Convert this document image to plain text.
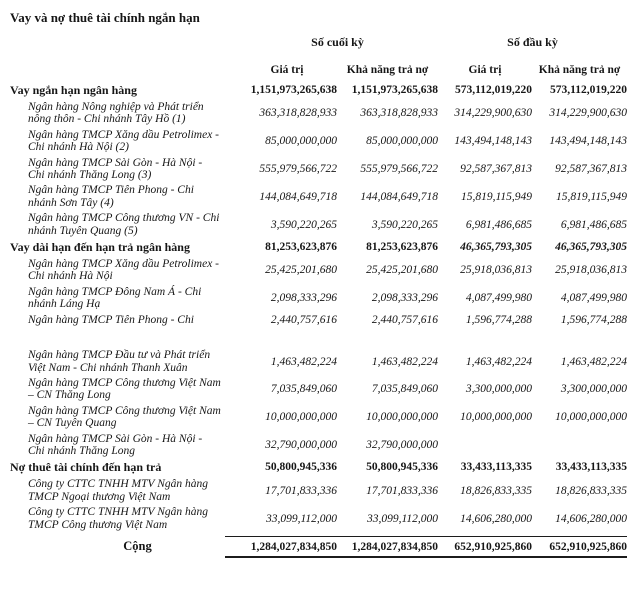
Vay và nợ thuê tài chính ngắn hạn
Số cuối kỳ	Số đầu kỳ
Giá trị	Khả năng trả nợ	Giá trị	Khả năng trả nợ
Vay ngắn hạn ngân hàng	1,151,973,265,638	1,151,973,265,638	573,112,019,220	573,112,019,220
Ngân hàng Nông nghiệp và Phát triển nông thôn - Chi nhánh Tây Hồ (1)	363,318,828,933	363,318,828,933	314,229,900,630	314,229,900,630
Ngân hàng TMCP Xăng dầu Petrolimex - Chi nhánh Hà Nội (2)	85,000,000,000	85,000,000,000	143,494,148,143	143,494,148,143
Ngân hàng TMCP Sài Gòn - Hà Nội - Chi nhánh Thăng Long (3)	555,979,566,722	555,979,566,722	92,587,367,813	92,587,367,813
Ngân hàng TMCP Tiên Phong - Chi nhánh Sơn Tây (4)	144,084,649,718	144,084,649,718	15,819,115,949	15,819,115,949
Ngân hàng TMCP Công thương VN - Chi nhánh Tuyên Quang (5)	3,590,220,265	3,590,220,265	6,981,486,685	6,981,486,685
Vay dài hạn đến hạn trả ngân hàng	81,253,623,876	81,253,623,876	46,365,793,305	46,365,793,305
Ngân hàng TMCP Xăng dầu Petrolimex - Chi nhánh Hà Nội	25,425,201,680	25,425,201,680	25,918,036,813	25,918,036,813
Ngân hàng TMCP Đông Nam Á - Chi nhánh Láng Hạ	2,098,333,296	2,098,333,296	4,087,499,980	4,087,499,980
Ngân hàng TMCP Tiên Phong - Chi	2,440,757,616	2,440,757,616	1,596,774,288	1,596,774,288
Ngân hàng TMCP Đầu tư và Phát triển Việt Nam - Chi nhánh Thanh Xuân	1,463,482,224	1,463,482,224	1,463,482,224	1,463,482,224
Ngân hàng TMCP Công thương Việt Nam – CN Thăng Long	7,035,849,060	7,035,849,060	3,300,000,000	3,300,000,000
Ngân hàng TMCP Công thương Việt Nam – CN Tuyên Quang	10,000,000,000	10,000,000,000	10,000,000,000	10,000,000,000
Ngân hàng TMCP Sài Gòn - Hà Nội - Chi nhánh Thăng Long	32,790,000,000	32,790,000,000
Nợ thuê tài chính đến hạn trả	50,800,945,336	50,800,945,336	33,433,113,335	33,433,113,335
Công ty CTTC TNHH MTV Ngân hàng TMCP Ngoại thương Việt Nam	17,701,833,336	17,701,833,336	18,826,833,335	18,826,833,335
Công ty CTTC TNHH MTV Ngân hàng TMCP Công thương Việt Nam	33,099,112,000	33,099,112,000	14,606,280,000	14,606,280,000
Cộng	1,284,027,834,850	1,284,027,834,850	652,910,925,860	652,910,925,860
